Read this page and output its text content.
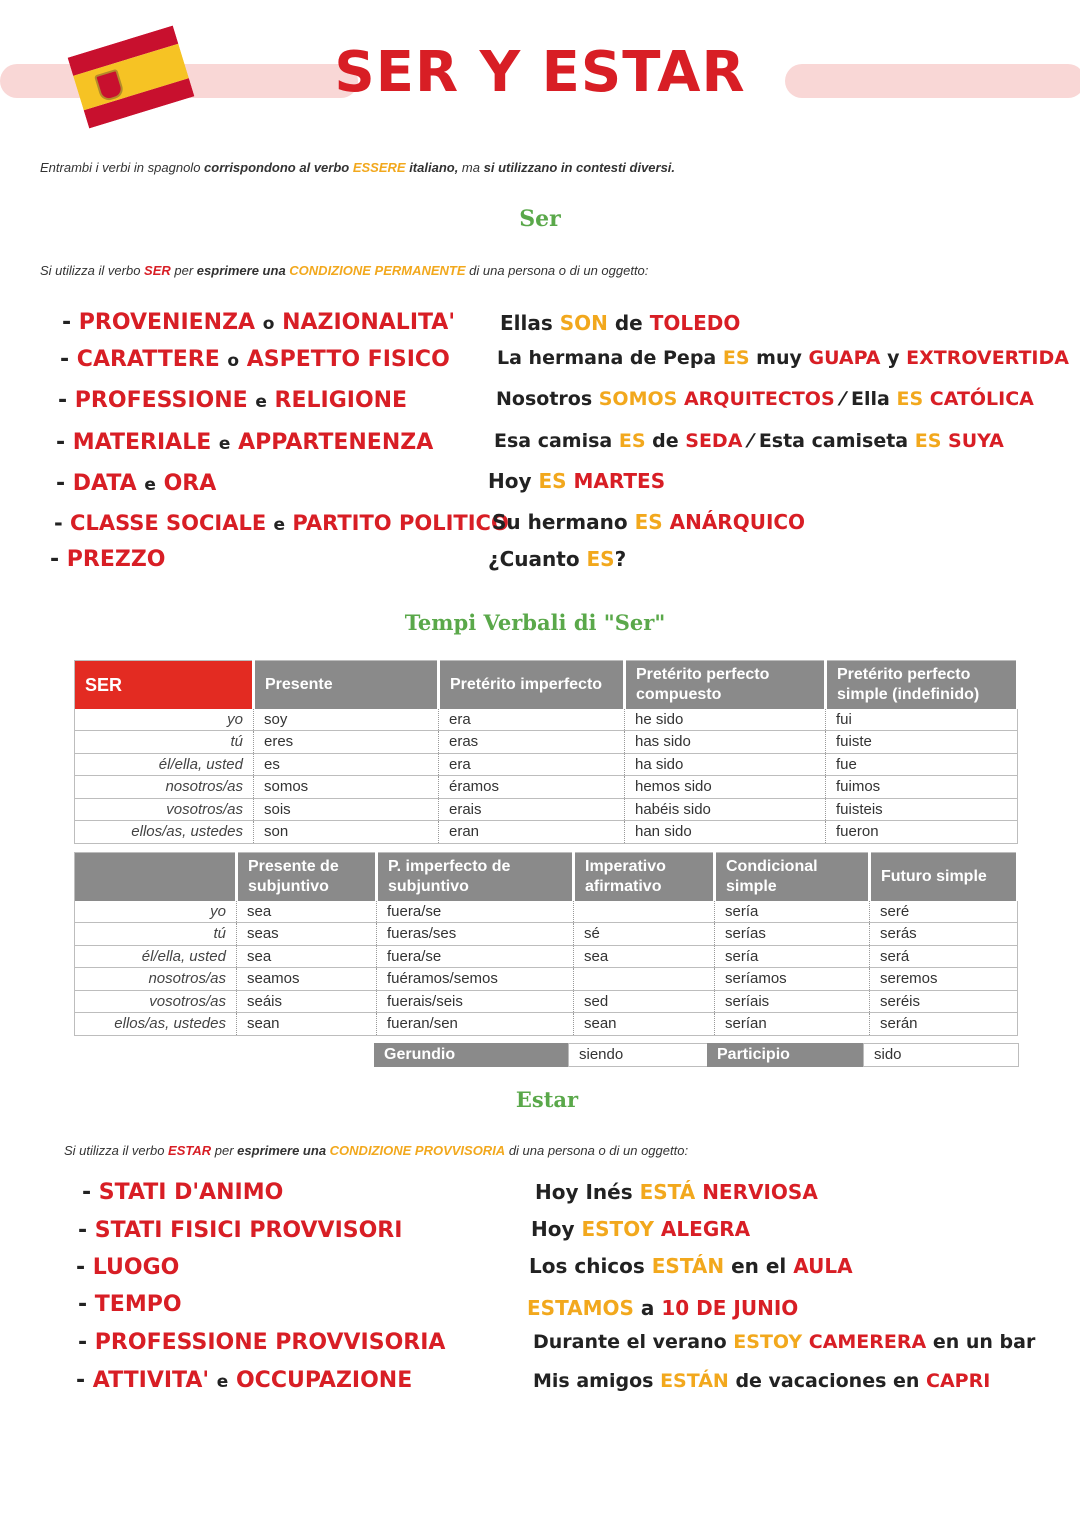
SER Y ESTAR
Entrambi i verbi in spagnolo corrispondono al verbo ESSERE italiano, ma si utilizzano in contesti diversi.
Ser
Si utilizza il verbo SER per esprimere una CONDIZIONE PERMANENTE di una persona o di un oggetto:
- PROVENIENZA o NAZIONALITA'
- CARATTERE o ASPETTO FISICO
- PROFESSIONE e RELIGIONE
- MATERIALE e APPARTENENZA
- DATA e ORA
- CLASSE SOCIALE e PARTITO POLITICO
- PREZZO
Ellas SON de TOLEDO
La hermana de Pepa ES muy GUAPA y EXTROVERTIDA
Nosotros SOMOS ARQUITECTOS ⁄ Ella ES CATÓLICA
Esa camisa ES de SEDA ⁄ Esta camiseta ES SUYA
Hoy ES MARTES
Su hermano ES ANÁRQUICO
¿Cuanto ES?
Tempi Verbali di "Ser"
SER	Presente	Pretérito imperfecto	Pretérito perfecto compuesto	Pretérito perfecto simple (indefinido)
yo	soy	era	he sido	fui
tú	eres	eras	has sido	fuiste
él/ella, usted	es	era	ha sido	fue
nosotros/as	somos	éramos	hemos sido	fuimos
vosotros/as	sois	erais	habéis sido	fuisteis
ellos/as, ustedes	son	eran	han sido	fueron
	Presente de subjuntivo	P. imperfecto de subjuntivo	Imperativo afirmativo	Condicional simple	Futuro simple
yo	sea	fuera/se		sería	seré
tú	seas	fueras/ses	sé	serías	serás
él/ella, usted	sea	fuera/se	sea	sería	será
nosotros/as	seamos	fuéramos/semos		seríamos	seremos
vosotros/as	seáis	fuerais/seis	sed	seríais	seréis
ellos/as, ustedes	sean	fueran/sen	sean	serían	serán
Gerundio	siendo	Participio	sido
Estar
Si utilizza il verbo ESTAR per esprimere una CONDIZIONE PROVVISORIA di una persona o di un oggetto:
- STATI D'ANIMO
- STATI FISICI PROVVISORI
- LUOGO
- TEMPO
- PROFESSIONE PROVVISORIA
- ATTIVITA' e OCCUPAZIONE
Hoy Inés ESTÁ NERVIOSA
Hoy ESTOY ALEGRA
Los chicos ESTÁN en el AULA
ESTAMOS a 10 DE JUNIO
Durante el verano ESTOY CAMERERA en un bar
Mis amigos ESTÁN de vacaciones en CAPRI
